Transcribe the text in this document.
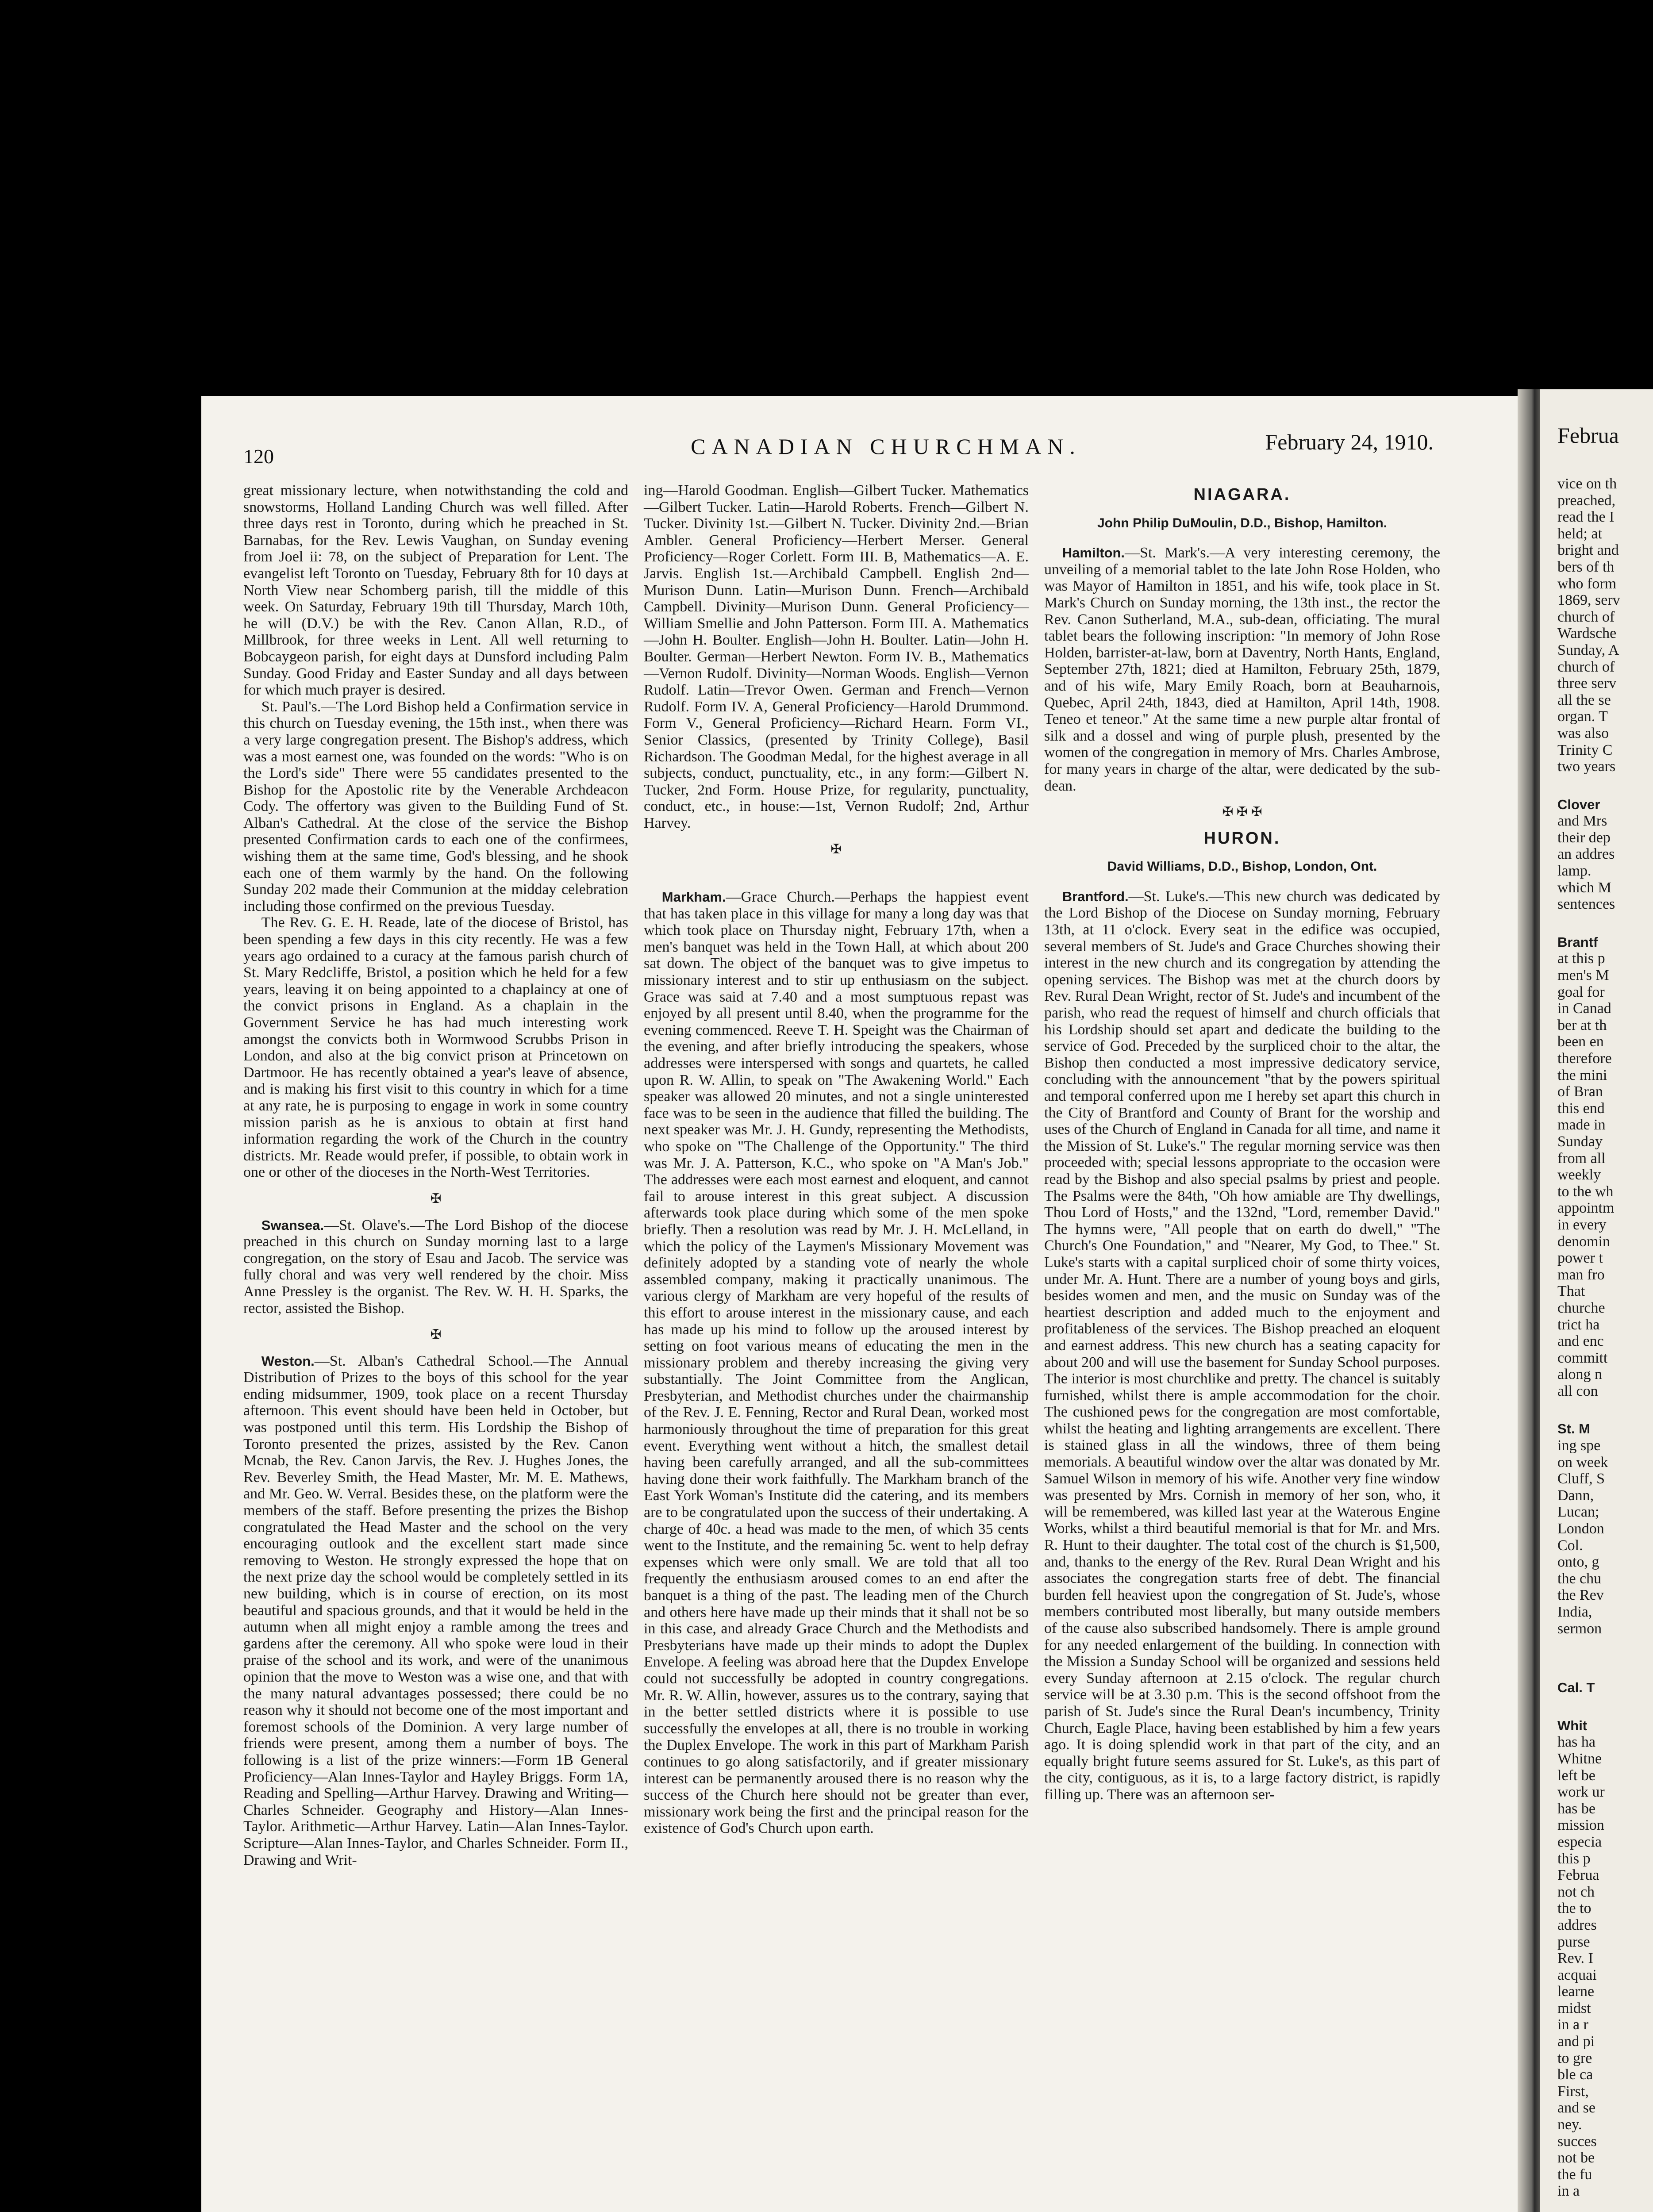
120	CANADIAN CHURCHMAN.	February 24, 1910.

great missionary lecture, when notwithstanding the cold and snowstorms, Holland Landing Church was well filled. After three days rest in Toronto, during which he preached in St. Barnabas, for the Rev. Lewis Vaughan, on Sunday evening from Joel ii: 78, on the subject of Preparation for Lent. The evangelist left Toronto on Tuesday, February 8th for 10 days at North View near Schomberg parish, till the middle of this week. On Saturday, February 19th till Thursday, March 10th, he will (D.V.) be with the Rev. Canon Allan, R.D., of Millbrook, for three weeks in Lent. All well returning to Bobcaygeon parish, for eight days at Dunsford including Palm Sunday. Good Friday and Easter Sunday and all days between for which much prayer is desired.

St. Paul's.—The Lord Bishop held a Confirmation service in this church on Tuesday evening, the 15th inst., when there was a very large congregation present. The Bishop's address, which was a most earnest one, was founded on the words: "Who is on the Lord's side" There were 55 candidates presented to the Bishop for the Apostolic rite by the Venerable Archdeacon Cody. The offertory was given to the Building Fund of St. Alban's Cathedral. At the close of the service the Bishop presented Confirmation cards to each one of the confirmees, wishing them at the same time, God's blessing, and he shook each one of them warmly by the hand. On the following Sunday 202 made their Communion at the midday celebration including those confirmed on the previous Tuesday.

The Rev. G. E. H. Reade, late of the diocese of Bristol, has been spending a few days in this city recently. He was a few years ago ordained to a curacy at the famous parish church of St. Mary Redcliffe, Bristol, a position which he held for a few years, leaving it on being appointed to a chaplaincy at one of the convict prisons in England. As a chaplain in the Government Service he has had much interesting work amongst the convicts both in Wormwood Scrubbs Prison in London, and also at the big convict prison at Princetown on Dartmoor. He has recently obtained a year's leave of absence, and is making his first visit to this country in which for a time at any rate, he is purposing to engage in work in some country mission parish as he is anxious to obtain at first hand information regarding the work of the Church in the country districts. Mr. Reade would prefer, if possible, to obtain work in one or other of the dioceses in the North-West Territories.

✠

Swansea.—St. Olave's.—The Lord Bishop of the diocese preached in this church on Sunday morning last to a large congregation, on the story of Esau and Jacob. The service was fully choral and was very well rendered by the choir. Miss Anne Pressley is the organist. The Rev. W. H. H. Sparks, the rector, assisted the Bishop.

✠

Weston.—St. Alban's Cathedral School.—The Annual Distribution of Prizes to the boys of this school for the year ending midsummer, 1909, took place on a recent Thursday afternoon. This event should have been held in October, but was postponed until this term. His Lordship the Bishop of Toronto presented the prizes, assisted by the Rev. Canon Mcnab, the Rev. Canon Jarvis, the Rev. J. Hughes Jones, the Rev. Beverley Smith, the Head Master, Mr. M. E. Mathews, and Mr. Geo. W. Verral. Besides these, on the platform were the members of the staff. Before presenting the prizes the Bishop congratulated the Head Master and the school on the very encouraging outlook and the excellent start made since removing to Weston. He strongly expressed the hope that on the next prize day the school would be completely settled in its new building, which is in course of erection, on its most beautiful and spacious grounds, and that it would be held in the autumn when all might enjoy a ramble among the trees and gardens after the ceremony. All who spoke were loud in their praise of the school and its work, and were of the unanimous opinion that the move to Weston was a wise one, and that with the many natural advantages possessed; there could be no reason why it should not become one of the most important and foremost schools of the Dominion. A very large number of friends were present, among them a number of boys. The following is a list of the prize winners:—Form 1B General Proficiency—Alan Innes-Taylor and Hayley Briggs. Form 1A, Reading and Spelling—Arthur Harvey. Drawing and Writing—Charles Schneider. Geography and History—Alan Innes-Taylor. Arithmetic—Arthur Harvey. Latin—Alan Innes-Taylor. Scripture—Alan Innes-Taylor, and Charles Schneider. Form II., Drawing and Writ-

ing—Harold Goodman. English—Gilbert Tucker. Mathematics—Gilbert Tucker. Latin—Harold Roberts. French—Gilbert N. Tucker. Divinity 1st.—Gilbert N. Tucker. Divinity 2nd.—Brian Ambler. General Proficiency—Herbert Merser. General Proficiency—Roger Corlett. Form III. B, Mathematics—A. E. Jarvis. English 1st.—Archibald Campbell. English 2nd—Murison Dunn. Latin—Murison Dunn. French—Archibald Campbell. Divinity—Murison Dunn. General Proficiency—William Smellie and John Patterson. Form III. A. Mathematics—John H. Boulter. English—John H. Boulter. Latin—John H. Boulter. German—Herbert Newton. Form IV. B., Mathematics—Vernon Rudolf. Divinity—Norman Woods. English—Vernon Rudolf. Latin—Trevor Owen. German and French—Vernon Rudolf. Form IV. A, General Proficiency—Harold Drummond. Form V., General Proficiency—Richard Hearn. Form VI., Senior Classics, (presented by Trinity College), Basil Richardson. The Goodman Medal, for the highest average in all subjects, conduct, punctuality, etc., in any form:—Gilbert N. Tucker, 2nd Form. House Prize, for regularity, punctuality, conduct, etc., in house:—1st, Vernon Rudolf; 2nd, Arthur Harvey.

✠

Markham.—Grace Church.—Perhaps the happiest event that has taken place in this village for many a long day was that which took place on Thursday night, February 17th, when a men's banquet was held in the Town Hall, at which about 200 sat down. The object of the banquet was to give impetus to missionary interest and to stir up enthusiasm on the subject. Grace was said at 7.40 and a most sumptuous repast was enjoyed by all present until 8.40, when the programme for the evening commenced. Reeve T. H. Speight was the Chairman of the evening, and after briefly introducing the speakers, whose addresses were interspersed with songs and quartets, he called upon R. W. Allin, to speak on "The Awakening World." Each speaker was allowed 20 minutes, and not a single uninterested face was to be seen in the audience that filled the building. The next speaker was Mr. J. H. Gundy, representing the Methodists, who spoke on "The Challenge of the Opportunity." The third was Mr. J. A. Patterson, K.C., who spoke on "A Man's Job." The addresses were each most earnest and eloquent, and cannot fail to arouse interest in this great subject. A discussion afterwards took place during which some of the men spoke briefly. Then a resolution was read by Mr. J. H. McLelland, in which the policy of the Laymen's Missionary Movement was definitely adopted by a standing vote of nearly the whole assembled company, making it practically unanimous. The various clergy of Markham are very hopeful of the results of this effort to arouse interest in the missionary cause, and each has made up his mind to follow up the aroused interest by setting on foot various means of educating the men in the missionary problem and thereby increasing the giving very substantially. The Joint Committee from the Anglican, Presbyterian, and Methodist churches under the chairmanship of the Rev. J. E. Fenning, Rector and Rural Dean, worked most harmoniously throughout the time of preparation for this great event. Everything went without a hitch, the smallest detail having been carefully arranged, and all the sub-committees having done their work faithfully. The Markham branch of the East York Woman's Institute did the catering, and its members are to be congratulated upon the success of their undertaking. A charge of 40c. a head was made to the men, of which 35 cents went to the Institute, and the remaining 5c. went to help defray expenses which were only small. We are told that all too frequently the enthusiasm aroused comes to an end after the banquet is a thing of the past. The leading men of the Church and others here have made up their minds that it shall not be so in this case, and already Grace Church and the Methodists and Presbyterians have made up their minds to adopt the Duplex Envelope. A feeling was abroad here that the Dupdex Envelope could not successfully be adopted in country congregations. Mr. R. W. Allin, however, assures us to the contrary, saying that in the better settled districts where it is possible to use successfully the envelopes at all, there is no trouble in working the Duplex Envelope. The work in this part of Markham Parish continues to go along satisfactorily, and if greater missionary interest can be permanently aroused there is no reason why the success of the Church here should not be greater than ever, missionary work being the first and the principal reason for the existence of God's Church upon earth.

NIAGARA.
John Philip DuMoulin, D.D., Bishop, Hamilton.

Hamilton.—St. Mark's.—A very interesting ceremony, the unveiling of a memorial tablet to the late John Rose Holden, who was Mayor of Hamilton in 1851, and his wife, took place in St. Mark's Church on Sunday morning, the 13th inst., the rector the Rev. Canon Sutherland, M.A., sub-dean, officiating. The mural tablet bears the following inscription: "In memory of John Rose Holden, barrister-at-law, born at Daventry, North Hants, England, September 27th, 1821; died at Hamilton, February 25th, 1879, and of his wife, Mary Emily Roach, born at Beauharnois, Quebec, April 24th, 1843, died at Hamilton, April 14th, 1908. Teneo et teneor." At the same time a new purple altar frontal of silk and a dossel and wing of purple plush, presented by the women of the congregation in memory of Mrs. Charles Ambrose, for many years in charge of the altar, were dedicated by the sub-dean.

✠ ✠ ✠
HURON.
David Williams, D.D., Bishop, London, Ont.

Brantford.—St. Luke's.—This new church was dedicated by the Lord Bishop of the Diocese on Sunday morning, February 13th, at 11 o'clock. Every seat in the edifice was occupied, several members of St. Jude's and Grace Churches showing their interest in the new church and its congregation by attending the opening services. The Bishop was met at the church doors by Rev. Rural Dean Wright, rector of St. Jude's and incumbent of the parish, who read the request of himself and church officials that his Lordship should set apart and dedicate the building to the service of God. Preceded by the surpliced choir to the altar, the Bishop then conducted a most impressive dedicatory service, concluding with the announcement "that by the powers spiritual and temporal conferred upon me I hereby set apart this church in the City of Brantford and County of Brant for the worship and uses of the Church of England in Canada for all time, and name it the Mission of St. Luke's." The regular morning service was then proceeded with; special lessons appropriate to the occasion were read by the Bishop and also special psalms by priest and people. The Psalms were the 84th, "Oh how amiable are Thy dwellings, Thou Lord of Hosts," and the 132nd, "Lord, remember David." The hymns were, "All people that on earth do dwell," "The Church's One Foundation," and "Nearer, My God, to Thee." St. Luke's starts with a capital surpliced choir of some thirty voices, under Mr. A. Hunt. There are a number of young boys and girls, besides women and men, and the music on Sunday was of the heartiest description and added much to the enjoyment and profitableness of the services. The Bishop preached an eloquent and earnest address. This new church has a seating capacity for about 200 and will use the basement for Sunday School purposes. The interior is most churchlike and pretty. The chancel is suitably furnished, whilst there is ample accommodation for the choir. The cushioned pews for the congregation are most comfortable, whilst the heating and lighting arrangements are excellent. There is stained glass in all the windows, three of them being memorials. A beautiful window over the altar was donated by Mr. Samuel Wilson in memory of his wife. Another very fine window was presented by Mrs. Cornish in memory of her son, who, it will be remembered, was killed last year at the Waterous Engine Works, whilst a third beautiful memorial is that for Mr. and Mrs. R. Hunt to their daughter. The total cost of the church is $1,500, and, thanks to the energy of the Rev. Rural Dean Wright and his associates the congregation starts free of debt. The financial burden fell heaviest upon the congregation of St. Jude's, whose members contributed most liberally, but many outside members of the cause also subscribed handsomely. There is ample ground for any needed enlargement of the building. In connection with the Mission a Sunday School will be organized and sessions held every Sunday afternoon at 2.15 o'clock. The regular church service will be at 3.30 p.m. This is the second offshoot from the parish of St. Jude's since the Rural Dean's incumbency, Trinity Church, Eagle Place, having been established by him a few years ago. It is doing splendid work in that part of the city, and an equally bright future seems assured for St. Luke's, as this part of the city, contiguous, as it is, to a large factory district, is rapidly filling up. There was an afternoon ser-

Februa
vice on th
preached,
read the I
held; at
bright and
bers of th
who form
1869, serv
church of
Wardsche
Sunday, A
church of
three serv
all the se
organ. T
was also
Trinity C
two years
Clover
and Mrs
their dep
an addres
lamp.
which M
sentences
Brantf
at this p
men's M
goal for
in Canad
ber at th
been en
therefore
the mini
of Bran
this end
made in
Sunday
from all
weekly
to the wh
appointm
in every
denomin
power t
man fro
That
churche
trict ha
and enc
committ
along n
all con
St. M
ing spe
on week
Cluff, S
Dann,
Lucan;
London
Col.
onto, g
the chu
the Rev
India,
sermon
Cal. T
Whit
has ha
Whitne
left be
work ur
has be
mission
especia
this p
Februa
not ch
the to
addres
purse
Rev. I
acquai
learne
midst
in a r
and pi
to gre
ble ca
First,
and se
ney.
succes
not be
the fu
in a
